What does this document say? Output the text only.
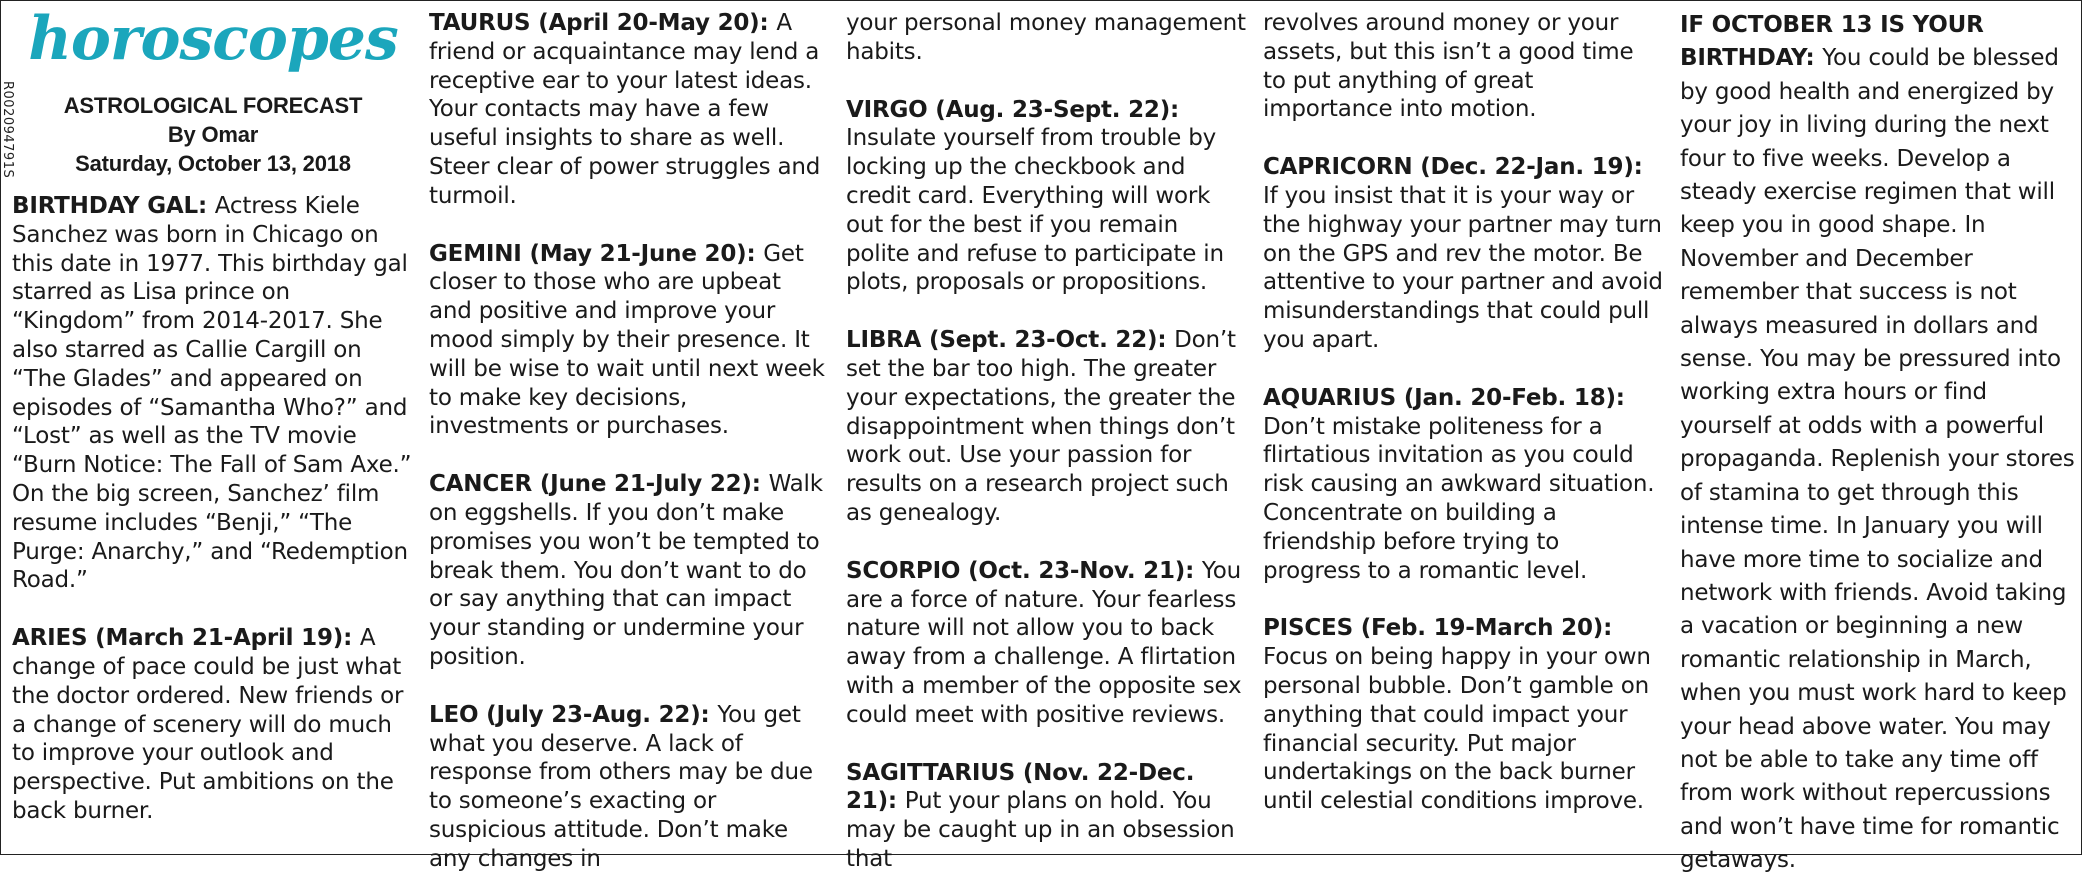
horoscopes
R002094791S	ASTROLOGICAL FORECAST
By Omar
Saturday, October 13, 2018
BIRTHDAY GAL: Actress Kiele Sanchez was born in Chicago on this date in 1977. This birthday gal starred as Lisa prince on “Kingdom” from 2014-2017. She also starred as Callie Cargill on “The Glades” and appeared on episodes of “Samantha Who?” and “Lost” as well as the TV movie “Burn Notice: The Fall of Sam Axe.” On the big screen, Sanchez’ film resume includes “Benji,” “The Purge: Anarchy,” and “Redemption Road.”
ARIES (March 21-April 19): A change of pace could be just what the doctor ordered. New friends or a change of scenery will do much to improve your outlook and perspective. Put ambitions on the back burner.
TAURUS (April 20-May 20): A friend or acquaintance may lend a receptive ear to your latest ideas. Your contacts may have a few useful insights to share as well. Steer clear of power struggles and turmoil.
GEMINI (May 21-June 20): Get closer to those who are upbeat and positive and improve your mood simply by their presence. It will be wise to wait until next week to make key decisions, investments or purchases.
CANCER (June 21-July 22): Walk on eggshells. If you don’t make promises you won’t be tempted to break them. You don’t want to do or say anything that can impact your standing or undermine your position.
LEO (July 23-Aug. 22): You get what you deserve. A lack of response from others may be due to someone’s exacting or suspicious attitude. Don’t make any changes in
your personal money management habits.
VIRGO (Aug. 23-Sept. 22): Insulate yourself from trouble by locking up the checkbook and credit card. Everything will work out for the best if you remain polite and refuse to participate in plots, proposals or propositions.
LIBRA (Sept. 23-Oct. 22): Don’t set the bar too high. The greater your expectations, the greater the disappointment when things don’t work out. Use your passion for results on a research project such as genealogy.
SCORPIO (Oct. 23-Nov. 21): You are a force of nature. Your fearless nature will not allow you to back away from a challenge. A flirtation with a member of the opposite sex could meet with positive reviews.
SAGITTARIUS (Nov. 22-Dec. 21): Put your plans on hold. You may be caught up in an obsession that
revolves around money or your assets, but this isn’t a good time to put anything of great importance into motion.
CAPRICORN (Dec. 22-Jan. 19): If you insist that it is your way or the highway your partner may turn on the GPS and rev the motor. Be attentive to your partner and avoid misunderstandings that could pull you apart.
AQUARIUS (Jan. 20-Feb. 18): Don’t mistake politeness for a flirtatious invitation as you could risk causing an awkward situation. Concentrate on building a friendship before trying to progress to a romantic level.
PISCES (Feb. 19-March 20): Focus on being happy in your own personal bubble. Don’t gamble on anything that could impact your financial security. Put major undertakings on the back burner until celestial conditions improve.
IF OCTOBER 13 IS YOUR BIRTHDAY: You could be blessed by good health and energized by your joy in living during the next four to five weeks. Develop a steady exercise regimen that will keep you in good shape. In November and December remember that success is not always measured in dollars and sense. You may be pressured into working extra hours or find yourself at odds with a powerful propaganda. Replenish your stores of stamina to get through this intense time. In January you will have more time to socialize and network with friends. Avoid taking a vacation or beginning a new romantic relationship in March, when you must work hard to keep your head above water. You may not be able to take any time off from work without repercussions and won’t have time for romantic getaways.
